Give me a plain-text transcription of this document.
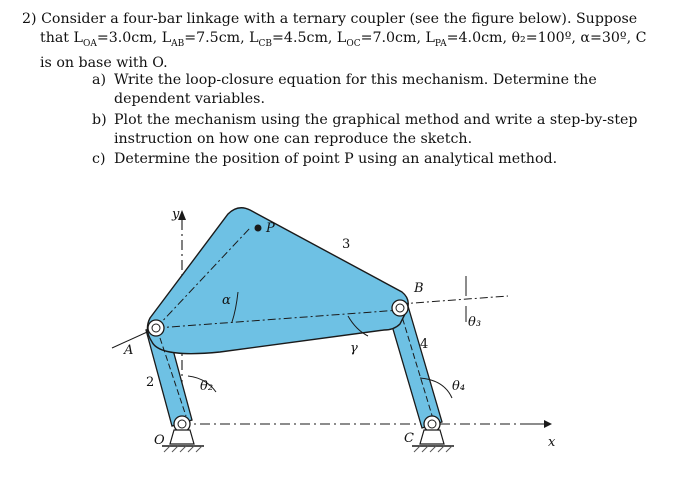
2) Consider a four-bar linkage with a ternary coupler (see the figure below). Suppose
that $L_{OA}=3.0cm$, $L_{AB}=7.5cm$, $L_{CB}=4.5cm$, $L_{OC}=7.0cm$, $L_{PA}=4.0cm$, θ₂=100º, α=30º, C
is on base with O.
a) Write the loop-closure equation for this mechanism. Determine the
dependent variables.
b) Plot the mechanism using the graphical method and write a step-by-step
instruction on how one can reproduce the sketch.
c) Determine the position of point P using an analytical method.
y
x
P
A
B
O	C
2
3
4
α
γ
θ₂
θ₃
θ₄
